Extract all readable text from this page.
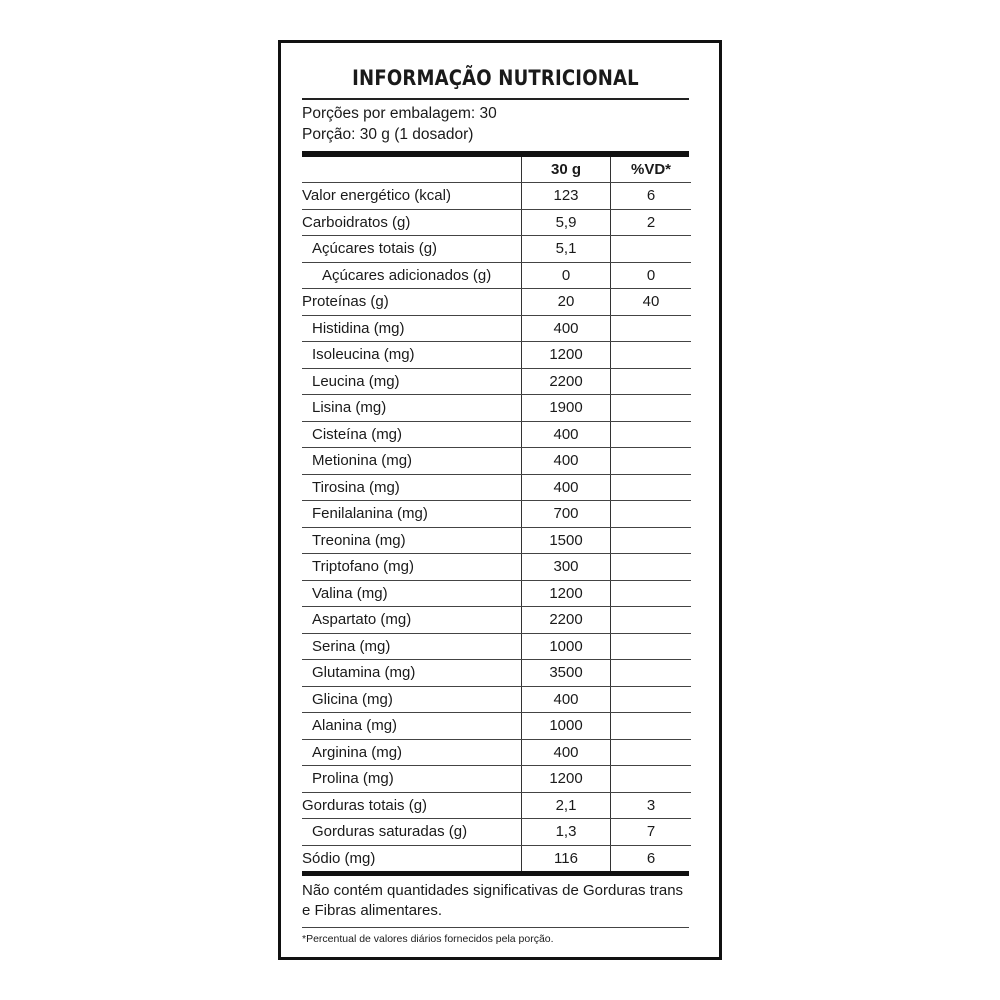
INFORMAÇÃO NUTRICIONAL
Porções por embalagem: 30
Porção: 30 g (1 dosador)
	30 g	%VD*
Valor energético (kcal)	123	6
Carboidratos (g)	5,9	2
Açúcares totais (g)	5,1	
Açúcares adicionados (g)	0	0
Proteínas (g)	20	40
Histidina (mg)	400	
Isoleucina (mg)	1200	
Leucina (mg)	2200	
Lisina (mg)	1900	
Cisteína (mg)	400	
Metionina (mg)	400	
Tirosina (mg)	400	
Fenilalanina (mg)	700	
Treonina (mg)	1500	
Triptofano (mg)	300	
Valina (mg)	1200	
Aspartato (mg)	2200	
Serina (mg)	1000	
Glutamina (mg)	3500	
Glicina (mg)	400	
Alanina (mg)	1000	
Arginina (mg)	400	
Prolina (mg)	1200	
Gorduras totais (g)	2,1	3
Gorduras saturadas (g)	1,3	7
Sódio (mg)	116	6
Não contém quantidades significativas de Gorduras trans e Fibras alimentares.
*Percentual de valores diários fornecidos pela porção.
